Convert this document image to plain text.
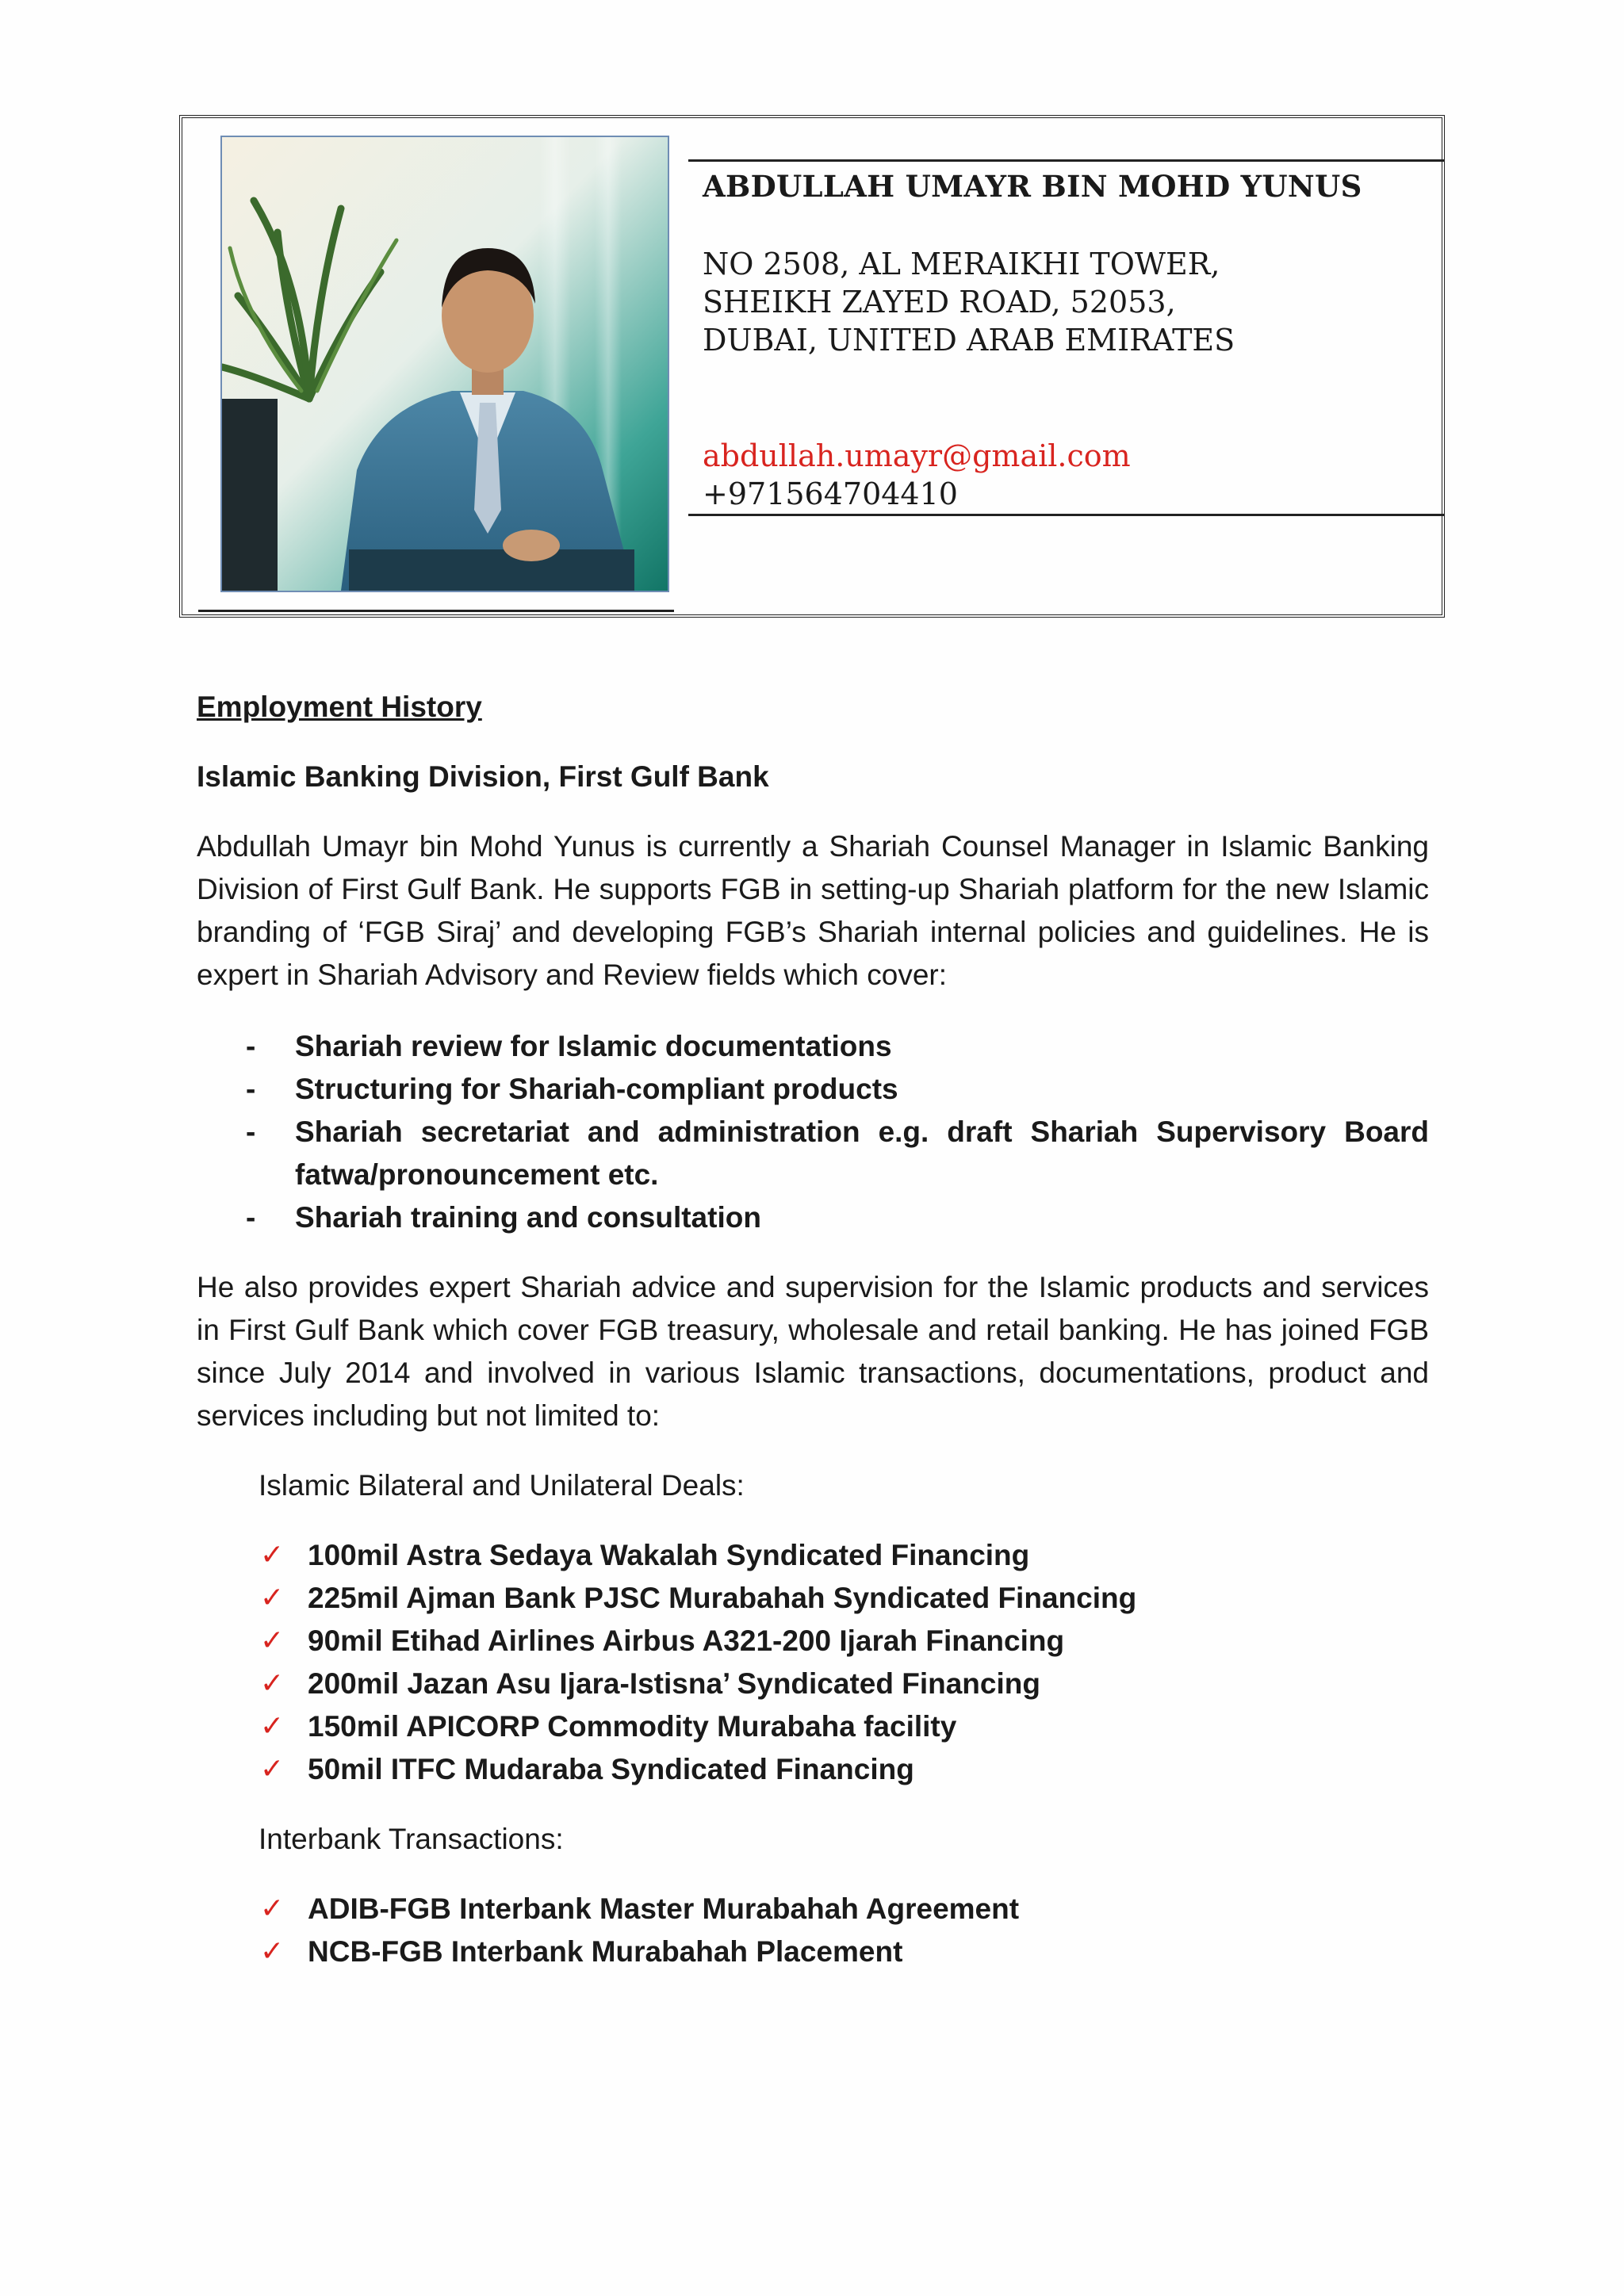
ABDULLAH UMAYR BIN MOHD YUNUS
NO 2508, AL MERAIKHI TOWER,
SHEIKH ZAYED ROAD, 52053,
DUBAI, UNITED ARAB EMIRATES
abdullah.umayr@gmail.com
+971564704410
Employment History
Islamic Banking Division, First Gulf Bank
Abdullah Umayr bin Mohd Yunus is currently a Shariah Counsel Manager in Islamic Banking Division of First Gulf Bank. He supports FGB in setting-up Shariah platform for the new Islamic branding of ‘FGB Siraj’ and developing FGB’s Shariah internal policies and guidelines. He is expert in Shariah Advisory and Review fields which cover:
- Shariah review for Islamic documentations
- Structuring for Shariah-compliant products
- Shariah secretariat and administration e.g. draft Shariah Supervisory Board fatwa/pronouncement etc.
- Shariah training and consultation
He also provides expert Shariah advice and supervision for the Islamic products and services in First Gulf Bank which cover FGB treasury, wholesale and retail banking. He has joined FGB since July 2014 and involved in various Islamic transactions, documentations, product and services including but not limited to:
Islamic Bilateral and Unilateral Deals:
✓ 100mil Astra Sedaya Wakalah Syndicated Financing
✓ 225mil Ajman Bank PJSC Murabahah Syndicated Financing
✓ 90mil Etihad Airlines Airbus A321-200 Ijarah Financing
✓ 200mil Jazan Asu Ijara-Istisna’ Syndicated Financing
✓ 150mil APICORP Commodity Murabaha facility
✓ 50mil ITFC Mudaraba Syndicated Financing
Interbank Transactions:
✓ ADIB-FGB Interbank Master Murabahah Agreement
✓ NCB-FGB Interbank Murabahah Placement
